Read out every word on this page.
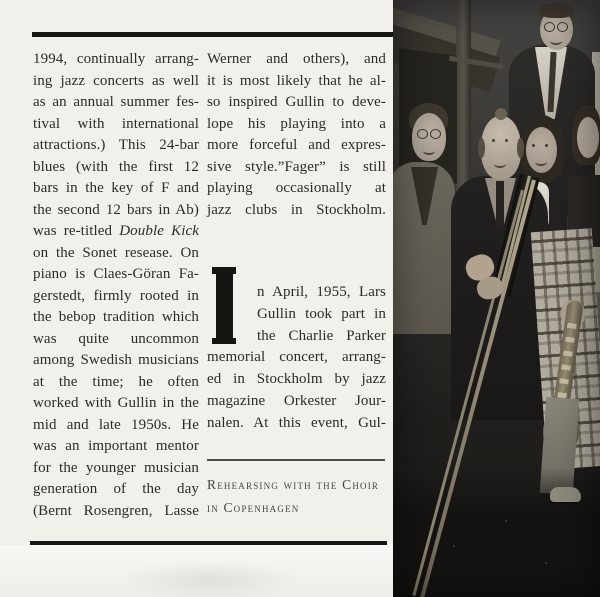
1994, continually arrang-
ing jazz concerts as well
as an annual summer fes-
tival with international
attractions.) This 24-bar
blues (with the first 12
bars in the key of F and
the second 12 bars in Ab)
was re-titled Double Kick
on the Sonet resease. On
piano is Claes-Göran Fa-
gerstedt, firmly rooted in
the bebop tradition which
was quite uncommon
among Swedish musicians
at the time; he often
worked with Gullin in the
mid and late 1950s. He
was an important mentor
for the younger musician
generation of the day
(Bernt Rosengren, Lasse
Werner and others), and
it is most likely that he al-
so inspired Gullin to deve-
lope his playing into a
more forceful and expres-
sive style.”Fager” is still
playing occasionally at
jazz clubs in Stockholm.
n April, 1955, Lars
Gullin took part in
the Charlie Parker
memorial concert, arrang-
ed in Stockholm by jazz
magazine Orkester Jour-
nalen. At this event, Gul-
Rehearsing with the Choir
in Copenhagen
